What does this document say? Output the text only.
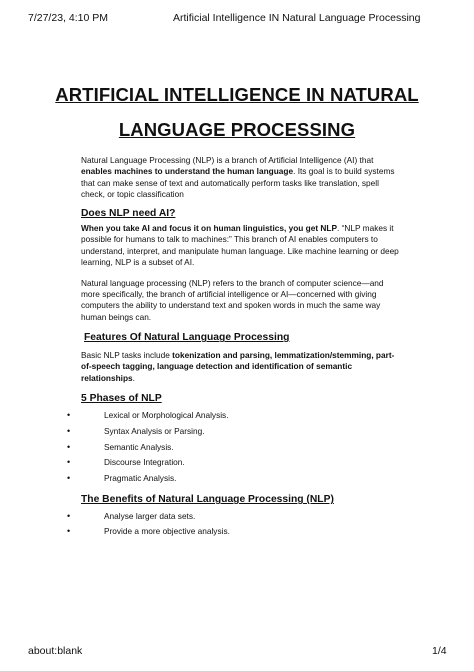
7/27/23, 4:10 PM	Artificial Intelligence IN Natural Language Processing
ARTIFICIAL INTELLIGENCE IN NATURAL
LANGUAGE PROCESSING

Natural Language Processing (NLP) is a branch of Artificial Intelligence (AI) that enables machines to understand the human language. Its goal is to build systems that can make sense of text and automatically perform tasks like translation, spell check, or topic classification

Does NLP need AI?

When you take AI and focus it on human linguistics, you get NLP. “NLP makes it possible for humans to talk to machines:” This branch of AI enables computers to understand, interpret, and manipulate human language. Like machine learning or deep learning, NLP is a subset of AI.

Natural language processing (NLP) refers to the branch of computer science—and more specifically, the branch of artificial intelligence or AI—concerned with giving computers the ability to understand text and spoken words in much the same way human beings can.

Features Of Natural Language Processing

Basic NLP tasks include tokenization and parsing, lemmatization/stemming, part-of-speech tagging, language detection and identification of semantic relationships.

5 Phases of NLP
•	Lexical or Morphological Analysis.
•	Syntax Analysis or Parsing.
•	Semantic Analysis.
•	Discourse Integration.
•	Pragmatic Analysis.
The Benefits of Natural Language Processing (NLP)
•	Analyse larger data sets.
•	Provide a more objective analysis.
about:blank	1/4
